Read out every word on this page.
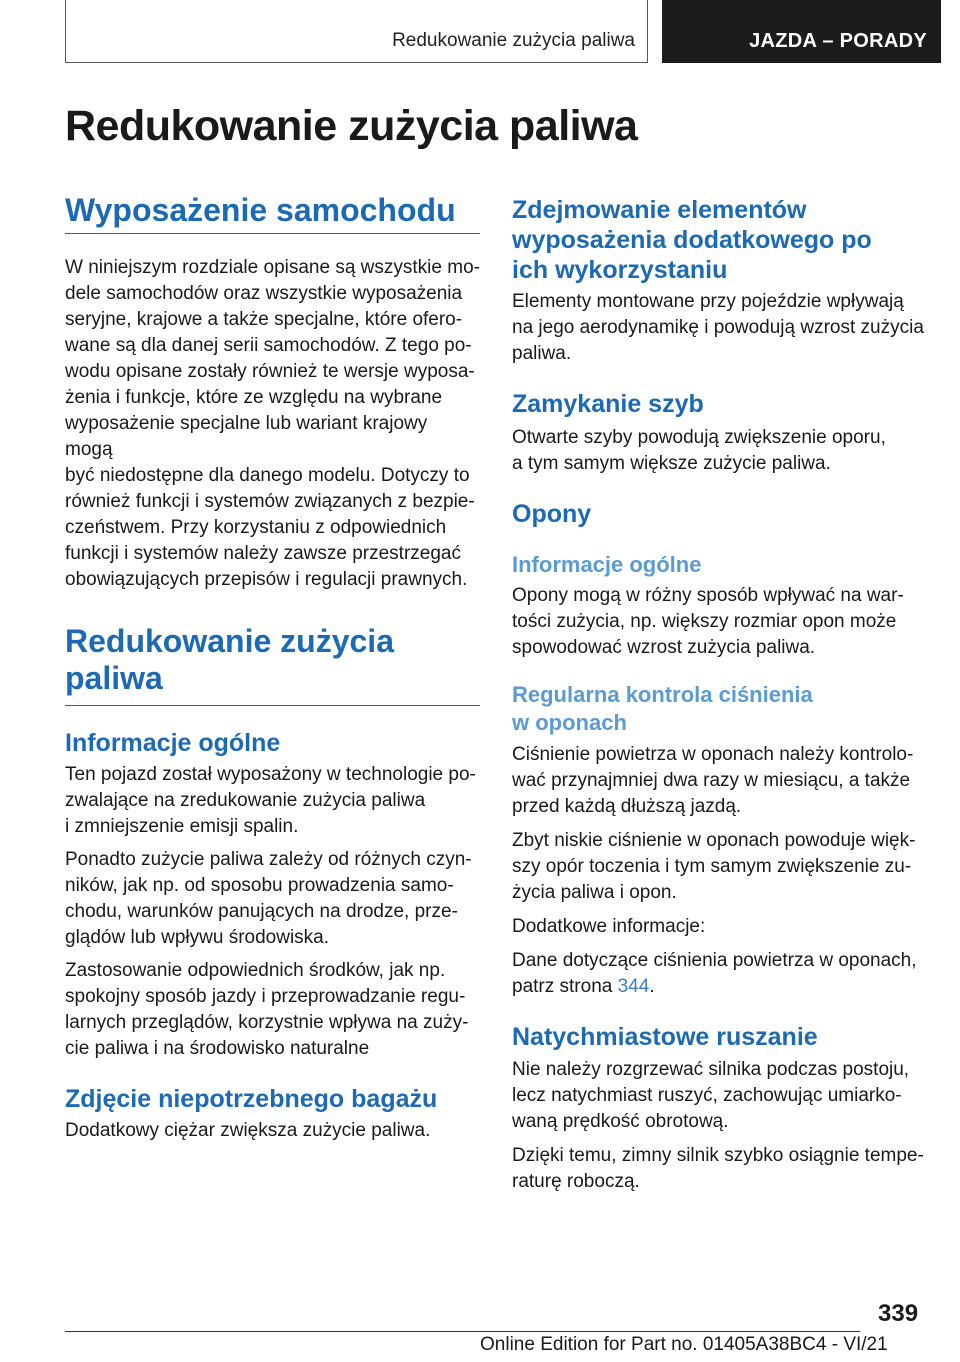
Redukowanie zużycia paliwa	JAZDA – PORADY
Redukowanie zużycia paliwa
Wyposażenie samochodu

W niniejszym rozdziale opisane są wszystkie mo-
dele samochodów oraz wszystkie wyposażenia
seryjne, krajowe a także specjalne, które ofero-
wane są dla danej serii samochodów. Z tego po-
wodu opisane zostały również te wersje wyposa-
żenia i funkcje, które ze względu na wybrane
wyposażenie specjalne lub wariant krajowy mogą
być niedostępne dla danego modelu. Dotyczy to
również funkcji i systemów związanych z bezpie-
czeństwem. Przy korzystaniu z odpowiednich
funkcji i systemów należy zawsze przestrzegać
obowiązujących przepisów i regulacji prawnych.

Redukowanie zużycia
paliwa
Informacje ogólne

Ten pojazd został wyposażony w technologie po-
zwalające na zredukowanie zużycia paliwa
i zmniejszenie emisji spalin.

Ponadto zużycie paliwa zależy od różnych czyn-
ników, jak np. od sposobu prowadzenia samo-
chodu, warunków panujących na drodze, prze-
glądów lub wpływu środowiska.

Zastosowanie odpowiednich środków, jak np.
spokojny sposób jazdy i przeprowadzanie regu-
larnych przeglądów, korzystnie wpływa na zuży-
cie paliwa i na środowisko naturalne

Zdjęcie niepotrzebnego bagażu

Dodatkowy ciężar zwiększa zużycie paliwa.

Zdejmowanie elementów
wyposażenia dodatkowego po
ich wykorzystaniu

Elementy montowane przy pojeździe wpływają
na jego aerodynamikę i powodują wzrost zużycia
paliwa.

Zamykanie szyb

Otwarte szyby powodują zwiększenie oporu,
a tym samym większe zużycie paliwa.

Opony
Informacje ogólne

Opony mogą w różny sposób wpływać na war-
tości zużycia, np. większy rozmiar opon może
spowodować wzrost zużycia paliwa.

Regularna kontrola ciśnienia
w oponach

Ciśnienie powietrza w oponach należy kontrolo-
wać przynajmniej dwa razy w miesiącu, a także
przed każdą dłuższą jazdą.

Zbyt niskie ciśnienie w oponach powoduje więk-
szy opór toczenia i tym samym zwiększenie zu-
życia paliwa i opon.

Dodatkowe informacje:

Dane dotyczące ciśnienia powietrza w oponach,
patrz strona 344.

Natychmiastowe ruszanie

Nie należy rozgrzewać silnika podczas postoju,
lecz natychmiast ruszyć, zachowując umiarko-
waną prędkość obrotową.

Dzięki temu, zimny silnik szybko osiągnie tempe-
raturę roboczą.

339
Online Edition for Part no. 01405A38BC4 - VI/21
